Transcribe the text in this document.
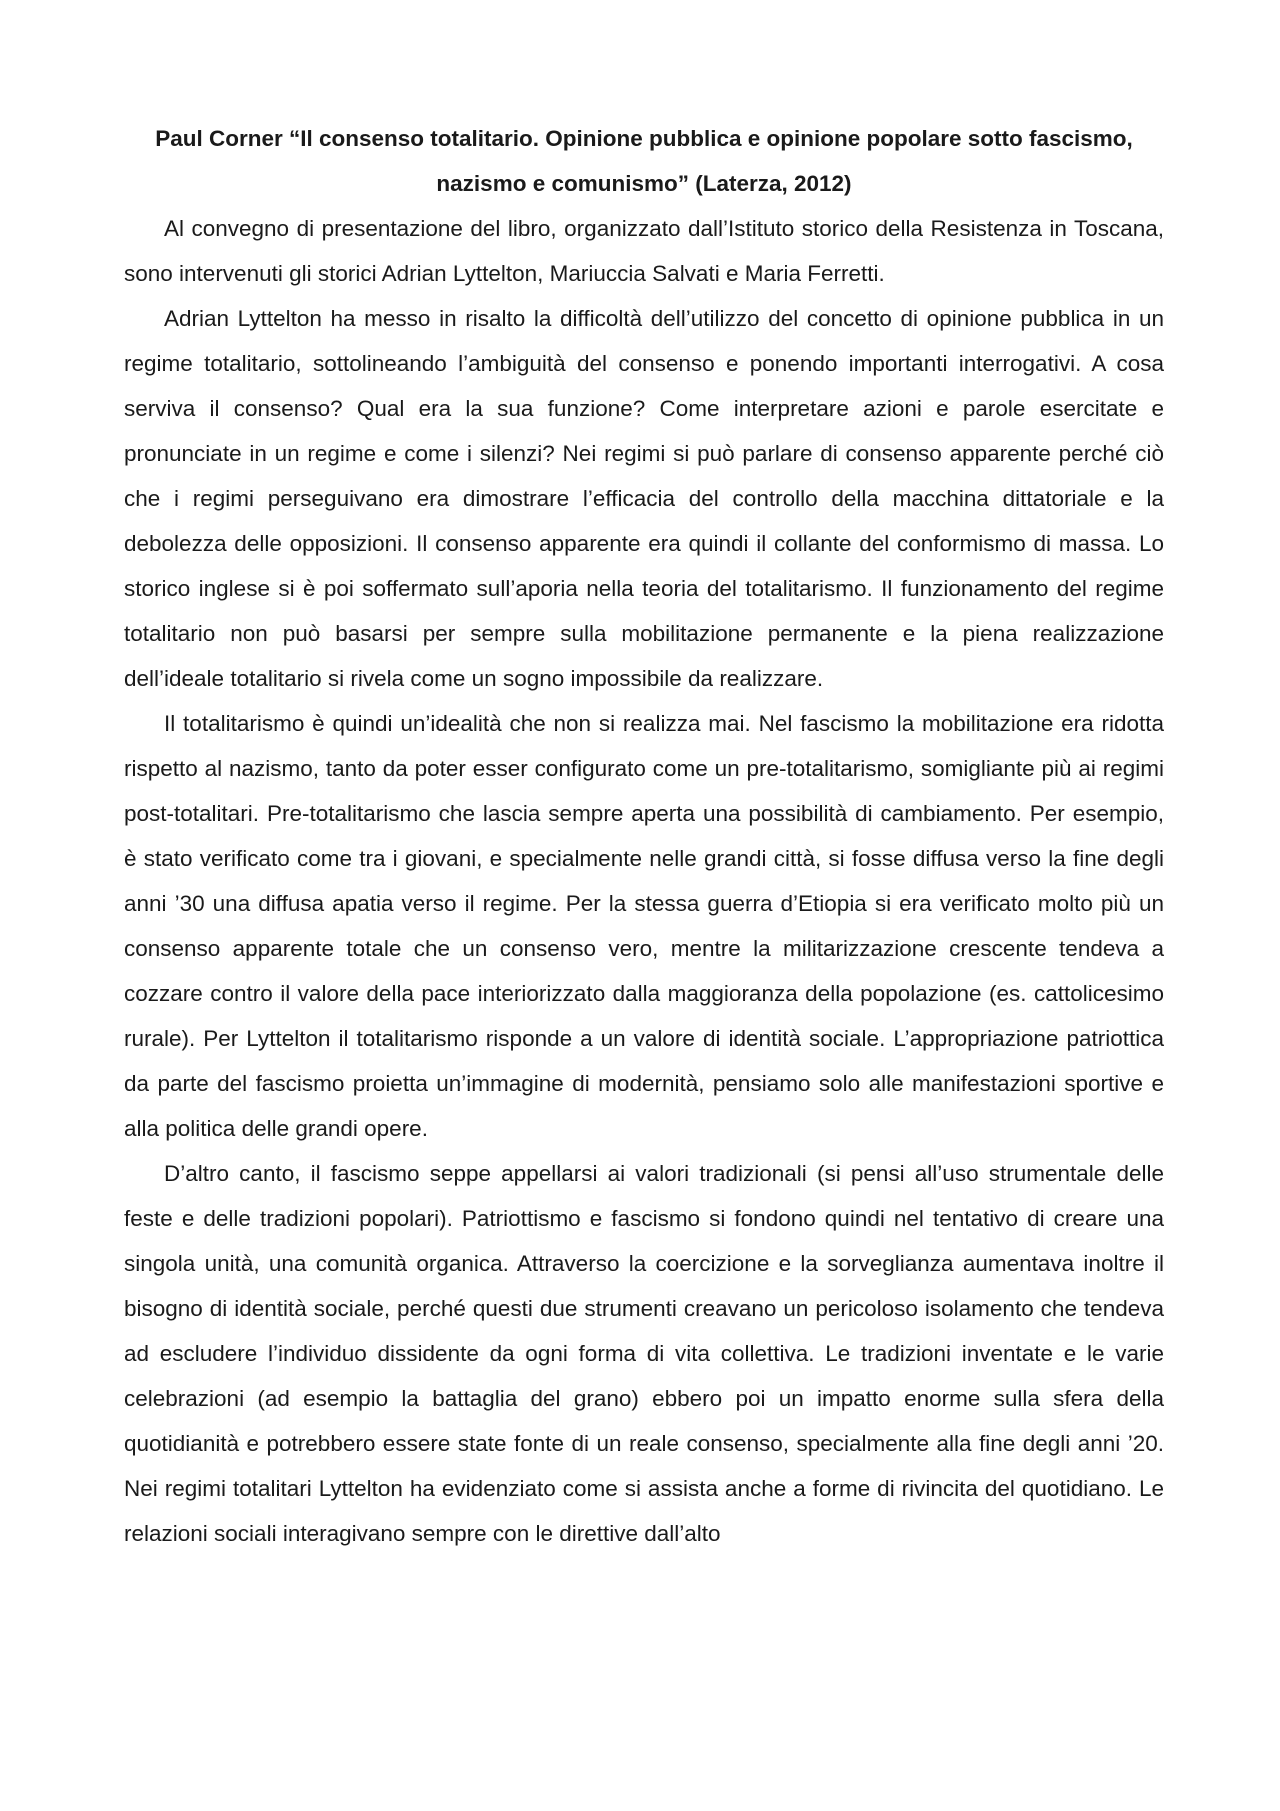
Paul Corner “Il consenso totalitario. Opinione pubblica e opinione popolare sotto fascismo, nazismo e comunismo” (Laterza, 2012)

Al convegno di presentazione del libro, organizzato dall’Istituto storico della Resistenza in Toscana, sono intervenuti gli storici Adrian Lyttelton, Mariuccia Salvati e Maria Ferretti.

Adrian Lyttelton ha messo in risalto la difficoltà dell’utilizzo del concetto di opinione pubblica in un regime totalitario, sottolineando l’ambiguità del consenso e ponendo importanti interrogativi. A cosa serviva il consenso? Qual era la sua funzione? Come interpretare azioni e parole esercitate e pronunciate in un regime e come i silenzi? Nei regimi si può parlare di consenso apparente perché ciò che i regimi perseguivano era dimostrare l’efficacia del controllo della macchina dittatoriale e la debolezza delle opposizioni. Il consenso apparente era quindi il collante del conformismo di massa. Lo storico inglese si è poi soffermato sull’aporia nella teoria del totalitarismo. Il funzionamento del regime totalitario non può basarsi per sempre sulla mobilitazione permanente e la piena realizzazione dell’ideale totalitario si rivela come un sogno impossibile da realizzare.

Il totalitarismo è quindi un’idealità che non si realizza mai. Nel fascismo la mobilitazione era ridotta rispetto al nazismo, tanto da poter esser configurato come un pre-totalitarismo, somigliante più ai regimi post-totalitari. Pre-totalitarismo che lascia sempre aperta una possibilità di cambiamento. Per esempio, è stato verificato come tra i giovani, e specialmente nelle grandi città, si fosse diffusa verso la fine degli anni ’30 una diffusa apatia verso il regime. Per la stessa guerra d’Etiopia si era verificato molto più un consenso apparente totale che un consenso vero, mentre la militarizzazione crescente tendeva a cozzare contro il valore della pace interiorizzato dalla maggioranza della popolazione (es. cattolicesimo rurale). Per Lyttelton il totalitarismo risponde a un valore di identità sociale. L’appropriazione patriottica da parte del fascismo proietta un’immagine di modernità, pensiamo solo alle manifestazioni sportive e alla politica delle grandi opere.

D’altro canto, il fascismo seppe appellarsi ai valori tradizionali (si pensi all’uso strumentale delle feste e delle tradizioni popolari). Patriottismo e fascismo si fondono quindi nel tentativo di creare una singola unità, una comunità organica. Attraverso la coercizione e la sorveglianza aumentava inoltre il bisogno di identità sociale, perché questi due strumenti creavano un pericoloso isolamento che tendeva ad escludere l’individuo dissidente da ogni forma di vita collettiva. Le tradizioni inventate e le varie celebrazioni (ad esempio la battaglia del grano) ebbero poi un impatto enorme sulla sfera della quotidianità e potrebbero essere state fonte di un reale consenso, specialmente alla fine degli anni ’20. Nei regimi totalitari Lyttelton ha evidenziato come si assista anche a forme di rivincita del quotidiano. Le relazioni sociali interagivano sempre con le direttive dall’alto
